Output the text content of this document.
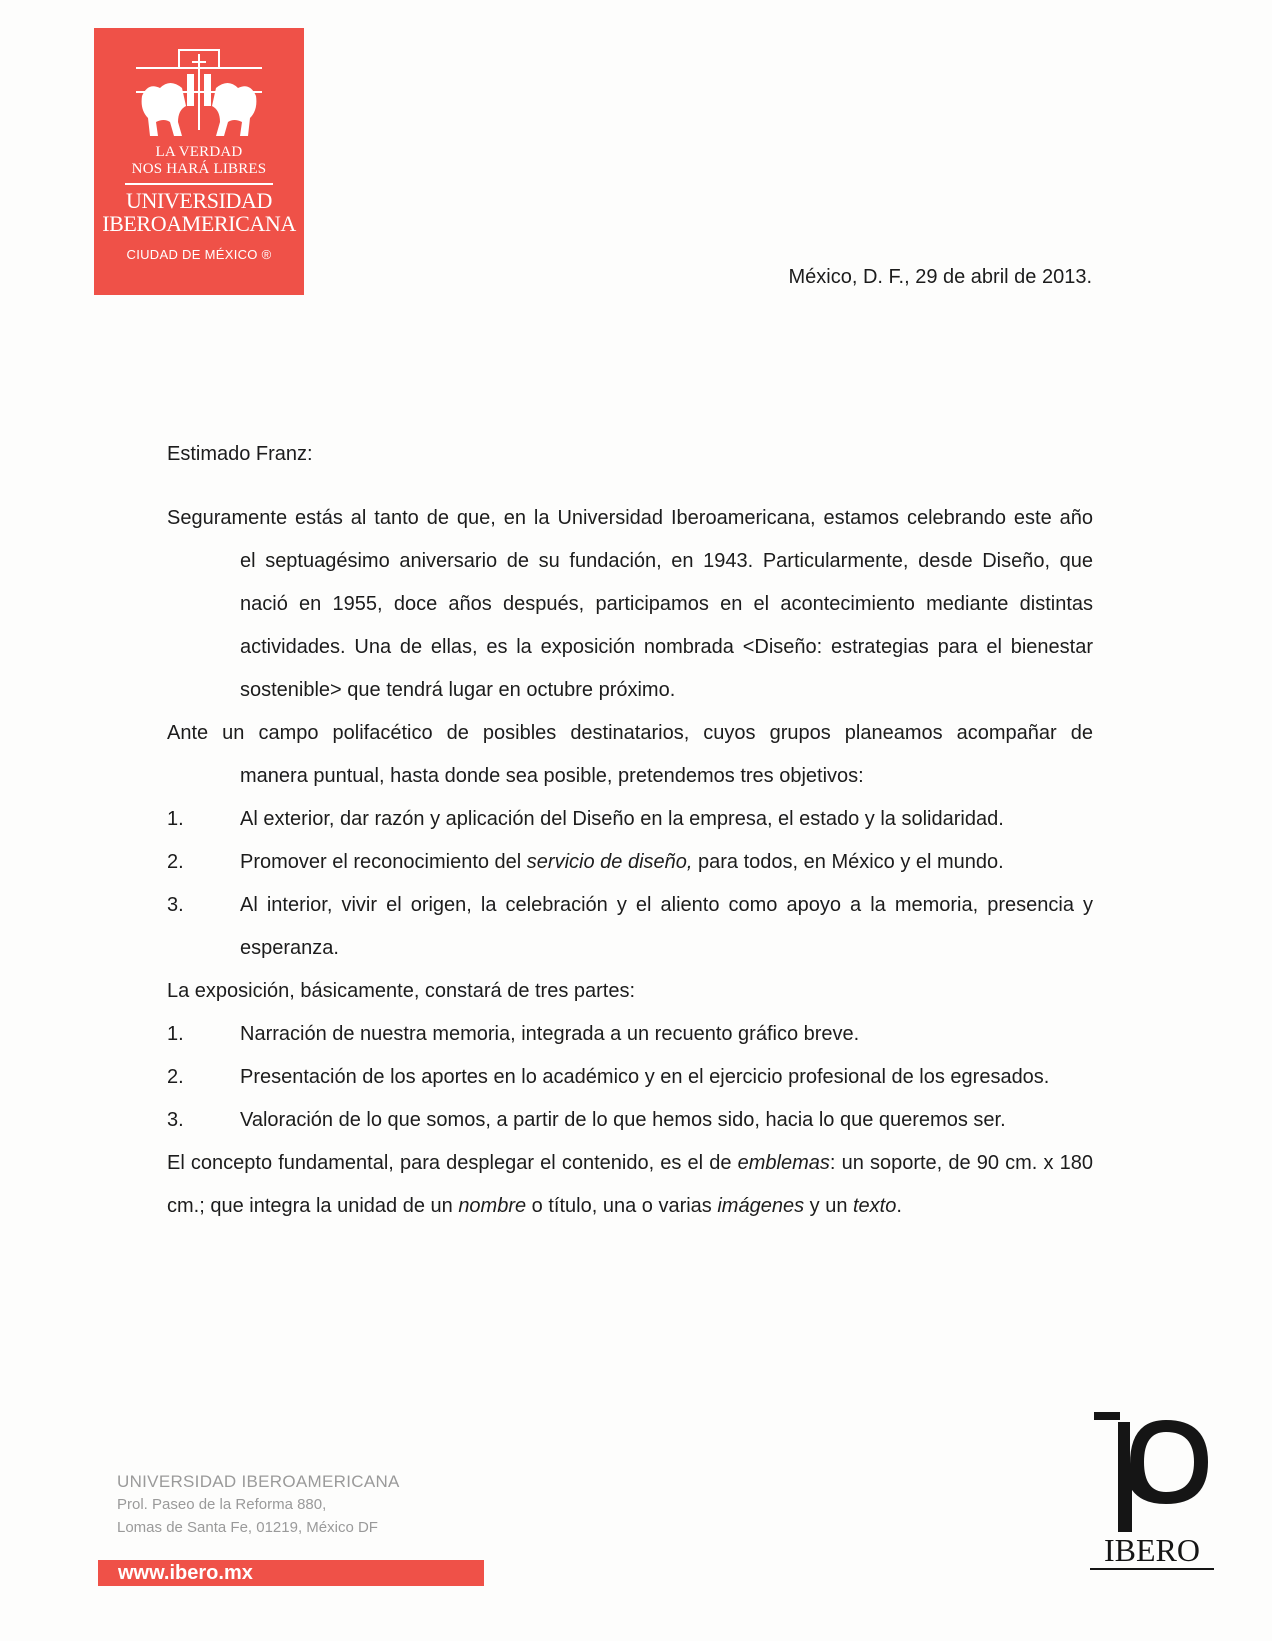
LA VERDAD
NOS HARÁ LIBRES
UNIVERSIDAD
IBEROAMERICANA
CIUDAD DE MÉXICO ®
México, D. F., 29 de abril de 2013.
Estimado Franz:
Seguramente estás al tanto de que, en la Universidad Iberoamericana, estamos celebrando este año
el septuagésimo aniversario de su fundación, en 1943. Particularmente, desde Diseño, que nació en 1955, doce años después, participamos en el acontecimiento mediante distintas actividades. Una de ellas, es la exposición nombrada <Diseño: estrategias para el bienestar sostenible> que tendrá lugar en octubre próximo.
Ante un campo polifacético de posibles destinatarios, cuyos grupos planeamos acompañar de
manera puntual, hasta donde sea posible, pretendemos tres objetivos:
1.	Al exterior, dar razón y aplicación del Diseño en la empresa, el estado y la solidaridad.
2.	Promover el reconocimiento del servicio de diseño, para todos, en México y el mundo.
3.	Al interior, vivir el origen, la celebración y el aliento como apoyo a la memoria, presencia y esperanza.
La exposición, básicamente, constará de tres partes:
1.	Narración de nuestra memoria, integrada a un recuento gráfico breve.
2.	Presentación de los aportes en lo académico y en el ejercicio profesional de los egresados.
3.	Valoración de lo que somos, a partir de lo que hemos sido, hacia lo que queremos ser.
El concepto fundamental, para desplegar el contenido, es el de emblemas: un soporte, de 90 cm. x 180 cm.; que integra la unidad de un nombre o título, una o varias imágenes y un texto.
UNIVERSIDAD IBEROAMERICANA
Prol. Paseo de la Reforma 880,
Lomas de Santa Fe, 01219, México DF
www.ibero.mx
IBERO
